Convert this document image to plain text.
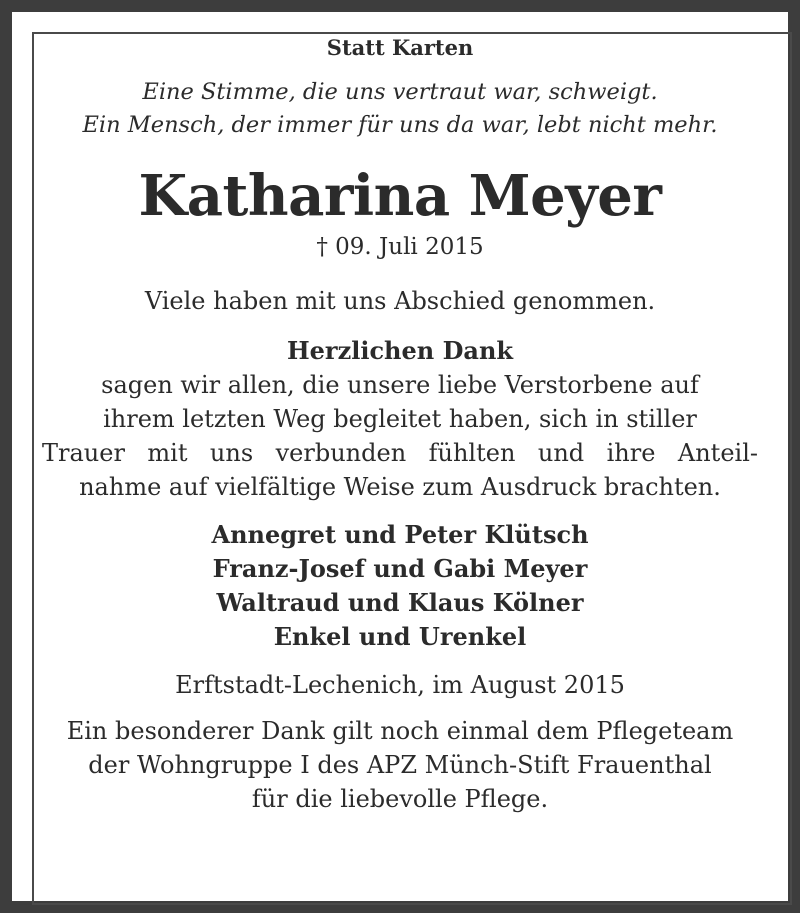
Statt Karten
Eine Stimme, die uns vertraut war, schweigt.
Ein Mensch, der immer für uns da war, lebt nicht mehr.
Katharina Meyer
† 09. Juli 2015
Viele haben mit uns Abschied genommen.
Herzlichen Dank
sagen wir allen, die unsere liebe Verstorbene auf
ihrem letzten Weg begleitet haben, sich in stiller
Trauer mit uns verbunden fühlten und ihre Anteil-
nahme auf vielfältige Weise zum Ausdruck brachten.
Annegret und Peter Klütsch
Franz-Josef und Gabi Meyer
Waltraud und Klaus Kölner
Enkel und Urenkel
Erftstadt-Lechenich, im August 2015
Ein besonderer Dank gilt noch einmal dem Pflegeteam
der Wohngruppe I des APZ Münch-Stift Frauenthal
für die liebevolle Pflege.
